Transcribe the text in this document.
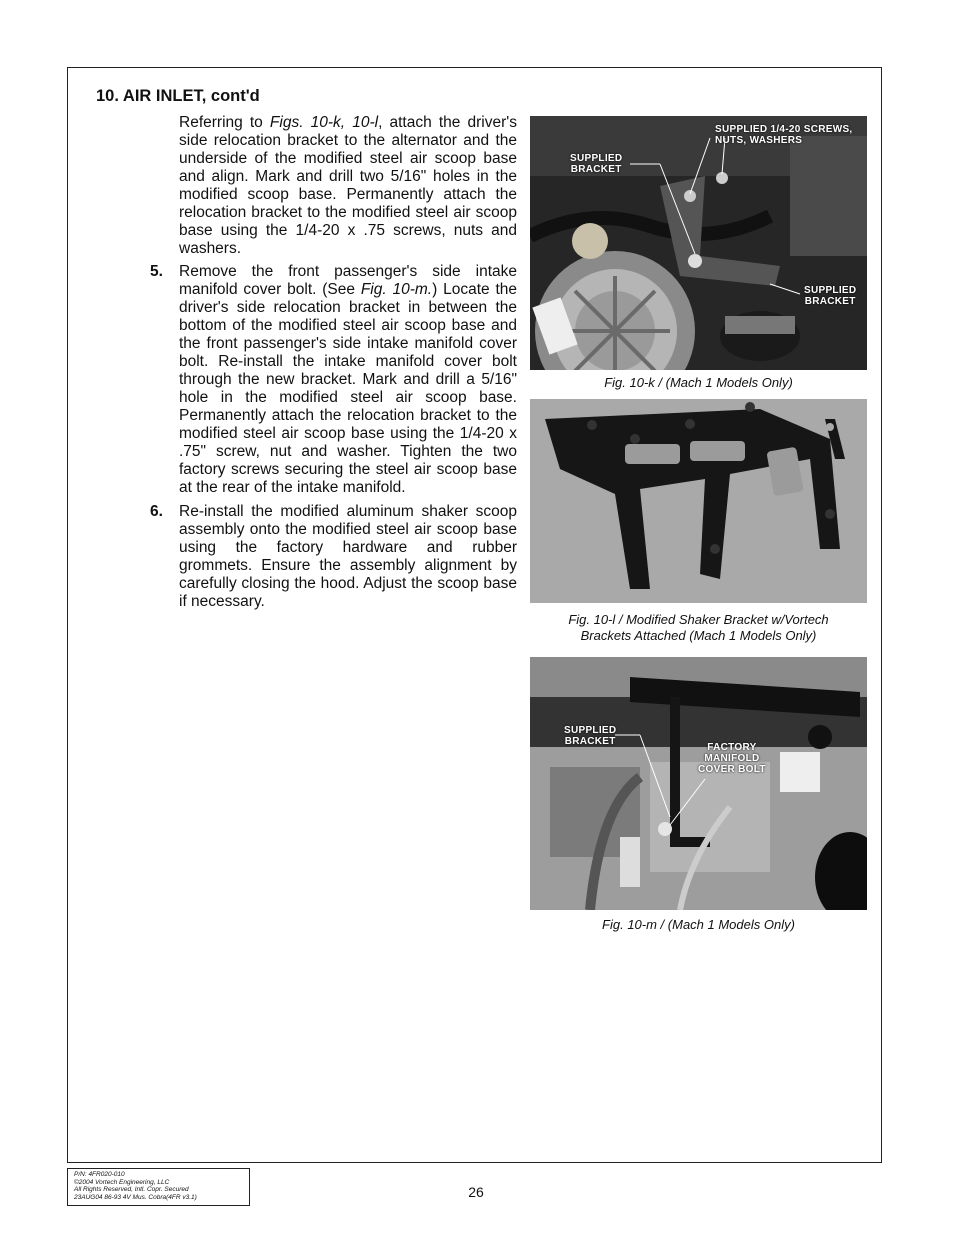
10. AIR INLET, cont'd

Referring to Figs. 10-k, 10-l, attach the driver's side relocation bracket to the alternator and the underside of the modified steel air scoop base and align. Mark and drill two 5/16" holes in the modified scoop base. Permanently attach the relocation bracket to the modified steel air scoop base using the 1/4-20 x .75 screws, nuts and washers.

5.	Remove the front passenger's side intake manifold cover bolt. (See Fig. 10-m.) Locate the driver's side relocation bracket in between the bottom of the modified steel air scoop base and the front passenger's side intake manifold cover bolt. Re-install the intake manifold cover bolt through the new bracket. Mark and drill a 5/16" hole in the modified steel air scoop base. Permanently attach the relocation bracket to the modified steel air scoop base using the 1/4-20 x .75" screw, nut and washer. Tighten the two factory screws securing the steel air scoop base at the rear of the intake manifold.
6.	Re-install the modified aluminum shaker scoop assembly onto the modified steel air scoop base using the factory hardware and rubber grommets. Ensure the assembly alignment by carefully closing the hood. Adjust the scoop base if necessary.
SUPPLIED 1/4-20 SCREWS,
NUTS, WASHERS
SUPPLIED
BRACKET
SUPPLIED
BRACKET
Fig. 10-k / (Mach 1 Models Only)
Fig. 10-l / Modified Shaker Bracket w/Vortech
Brackets Attached (Mach 1 Models Only)
SUPPLIED
BRACKET
FACTORY
MANIFOLD
COVER BOLT
Fig. 10-m / (Mach 1 Models Only)
P/N: 4FR020-010
©2004 Vortech Engineering, LLC
All Rights Reserved, Intl. Copr. Secured
23AUG04 86-93 4V Mus. Cobra(4FR v3.1)	26
